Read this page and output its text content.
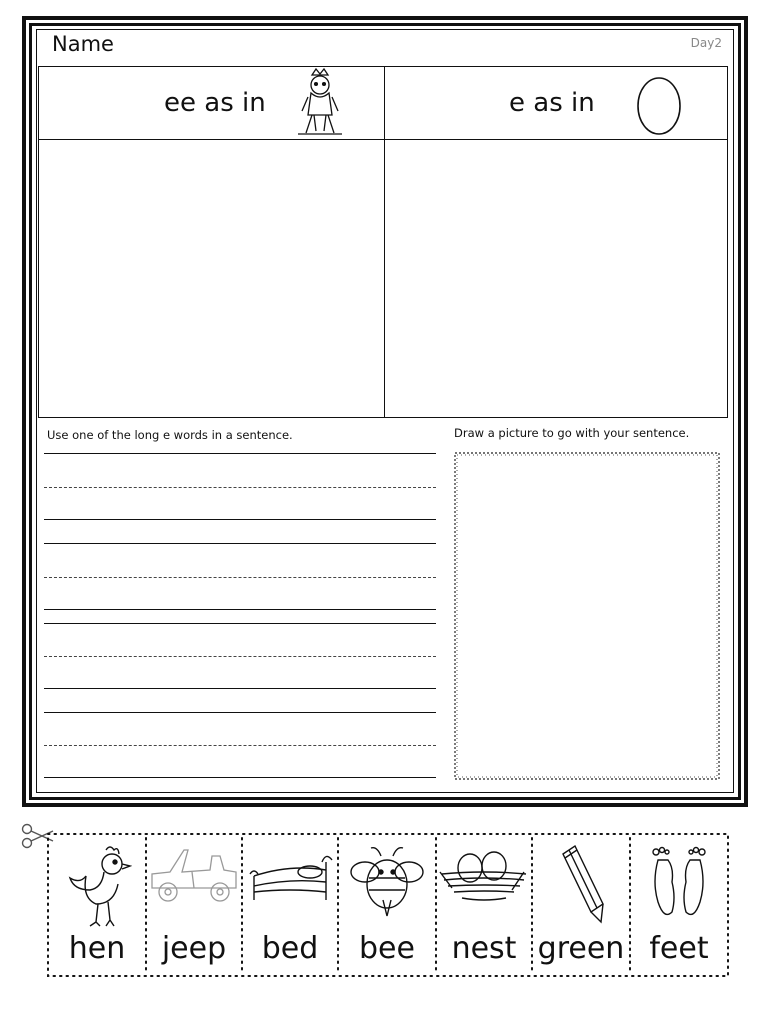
Name	Day2
ee as in	e as in
Use one of the long e words in a sentence.	Draw a picture to go with your sentence.
hen	jeep	bed	bee	nest green feet
